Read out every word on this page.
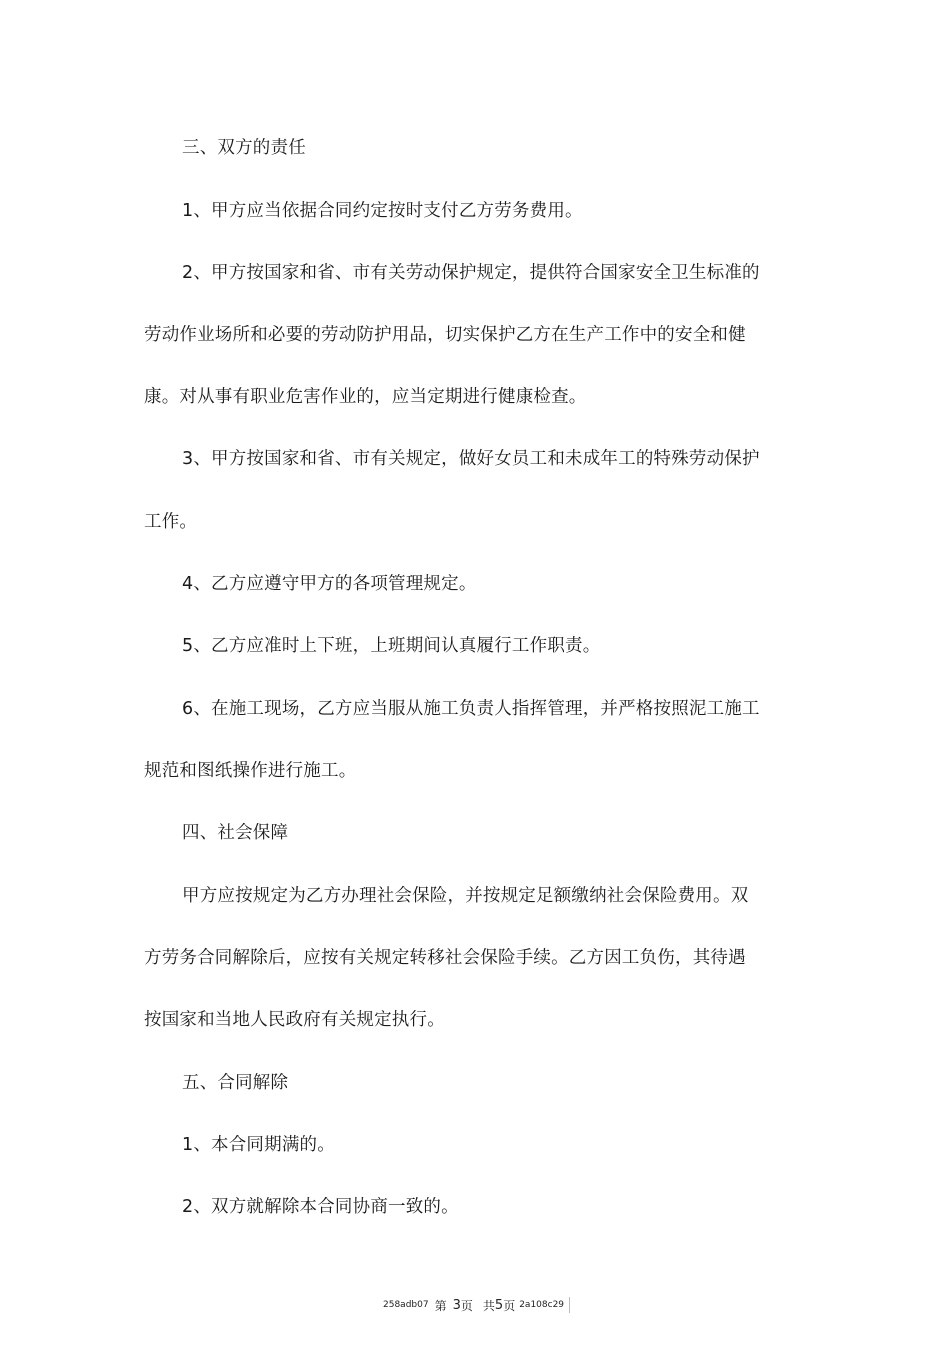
三、双方的责任
1、甲方应当依据合同约定按时支付乙方劳务费用。
2、甲方按国家和省、市有关劳动保护规定，提供符合国家安全卫生标准的
劳动作业场所和必要的劳动防护用品，切实保护乙方在生产工作中的安全和健
康。对从事有职业危害作业的，应当定期进行健康检查。
3、甲方按国家和省、市有关规定，做好女员工和未成年工的特殊劳动保护
工作。
4、乙方应遵守甲方的各项管理规定。
5、乙方应准时上下班，上班期间认真履行工作职责。
6、在施工现场，乙方应当服从施工负责人指挥管理，并严格按照泥工施工
规范和图纸操作进行施工。
四、社会保障
甲方应按规定为乙方办理社会保险，并按规定足额缴纳社会保险费用。双
方劳务合同解除后，应按有关规定转移社会保险手续。乙方因工负伤，其待遇
按国家和当地人民政府有关规定执行。
五、合同解除
1、本合同期满的。
2、双方就解除本合同协商一致的。
258adb07 第 3 页 共 5 页 2a108c29
